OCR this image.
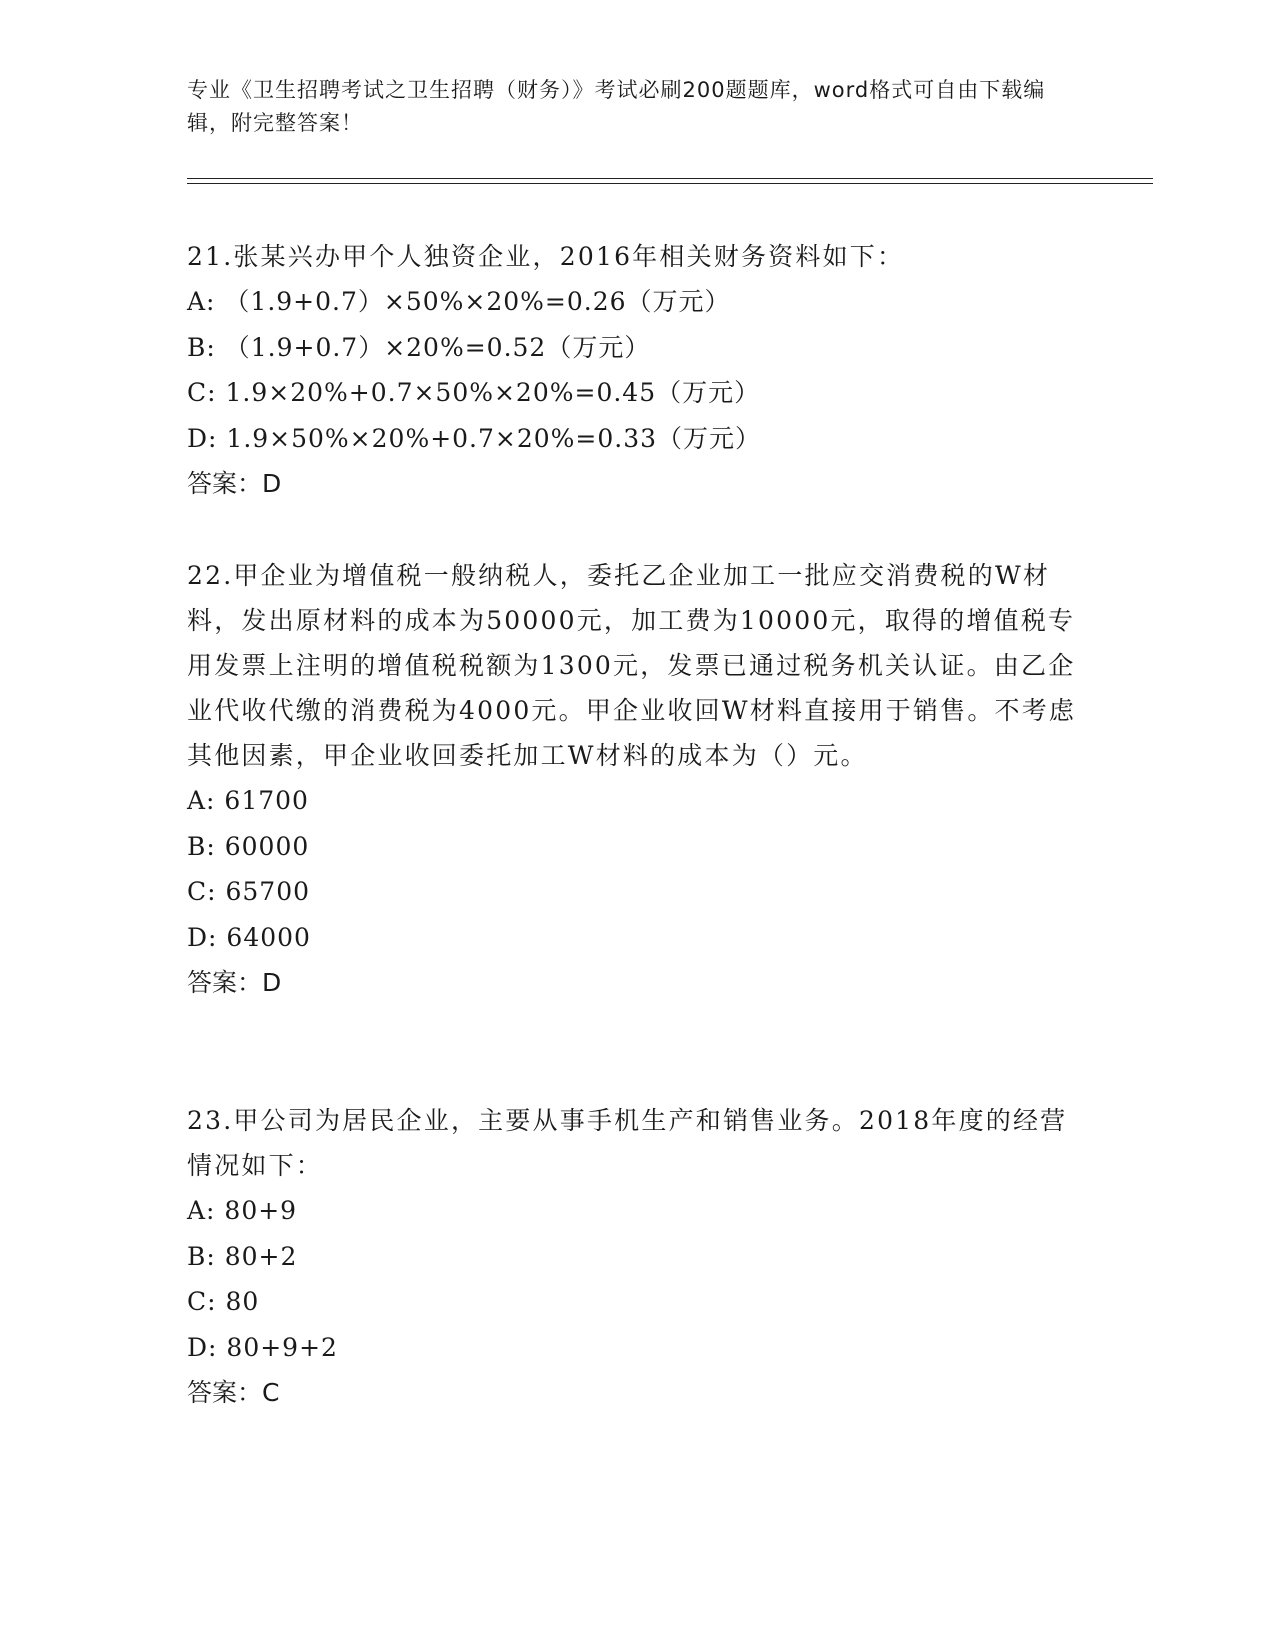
专业《卫生招聘考试之卫生招聘（财务）》考试必刷200题题库，word格式可自由下载编辑，附完整答案！

21.张某兴办甲个人独资企业，2016年相关财务资料如下：

A: （1.9+0.7）×50%×20%=0.26（万元）

B: （1.9+0.7）×20%=0.52（万元）

C: 1.9×20%+0.7×50%×20%=0.45（万元）

D: 1.9×50%×20%+0.7×20%=0.33（万元）

答案：D

22.甲企业为增值税一般纳税人，委托乙企业加工一批应交消费税的W材料，发出原材料的成本为50000元，加工费为10000元，取得的增值税专用发票上注明的增值税税额为1300元，发票已通过税务机关认证。由乙企业代收代缴的消费税为4000元。甲企业收回W材料直接用于销售。不考虑其他因素，甲企业收回委托加工W材料的成本为（）元。

A: 61700

B: 60000

C: 65700

D: 64000

答案：D

23.甲公司为居民企业，主要从事手机生产和销售业务。2018年度的经营情况如下：

A: 80+9

B: 80+2

C: 80

D: 80+9+2

答案：C
